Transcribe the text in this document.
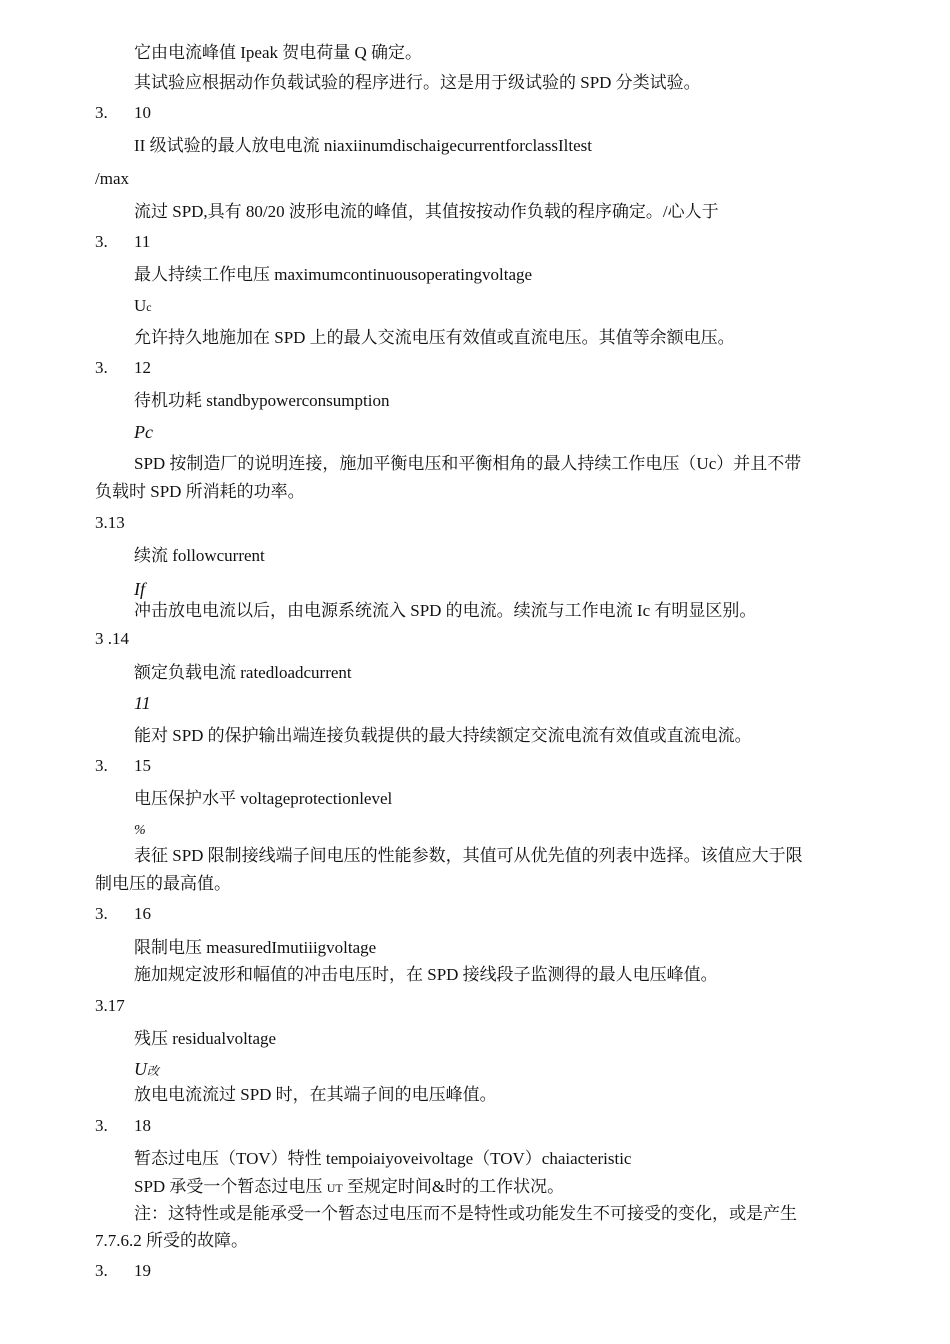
它由电流峰值 Ipeak 贺电荷量 Q 确定。

其试验应根据动作负载试验的程序进行。这是用于级试验的 SPD 分类试验。

3. 10

II 级试验的最人放电电流 niaxiinumdischaigecurrentforclassIltest

/max

流过 SPD,具有 80/20 波形电流的峰值，其值按按动作负载的程序确定。/心人于

3. 11

最人持续工作电压 maximumcontinuousoperatingvoltage

Uc

允许持久地施加在 SPD 上的最人交流电压有效值或直流电压。其值等余额电压。

3. 12

待机功耗 standbypowerconsumption

Pc

SPD 按制造厂的说明连接，施加平衡电压和平衡相角的最人持续工作电压（Uc）并且不带

负载时 SPD 所消耗的功率。

3.13

续流 followcurrent

If

冲击放电电流以后，由电源系统流入 SPD 的电流。续流与工作电流 Ic 有明显区别。

3 .14

额定负载电流 ratedloadcurrent

11

能对 SPD 的保护输出端连接负载提供的最大持续额定交流电流有效值或直流电流。

3. 15

电压保护水平 voltageprotectionlevel

%

表征 SPD 限制接线端子间电压的性能参数，其值可从优先值的列表中选择。该值应大于限

制电压的最高值。

3. 16

限制电压 measuredImutiiigvoltage

施加规定波形和幅值的冲击电压时，在 SPD 接线段子监测得的最人电压峰值。

3.17

残压 residualvoltage

U改

放电电流流过 SPD 时，在其端子间的电压峰值。

3. 18

暂态过电压（TOV）特性 tempoiaiyoveivoltage（TOV）chaiacteristic

SPD 承受一个暂态过电压 UT 至规定时间&时的工作状况。

注：这特性或是能承受一个暂态过电压而不是特性或功能发生不可接受的变化，或是产生

7.7.6.2 所受的故障。

3. 19
